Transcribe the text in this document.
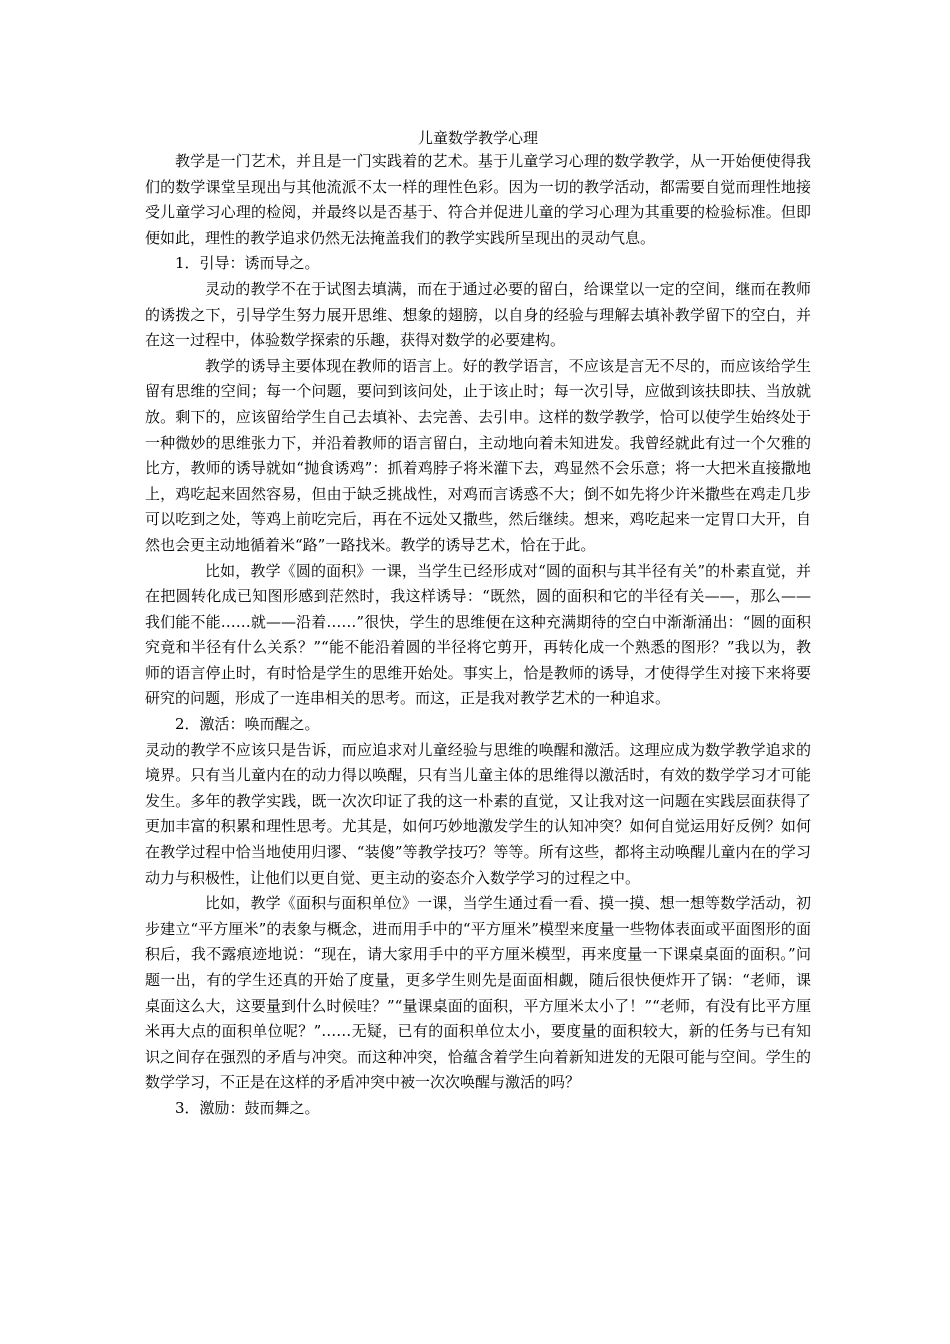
儿童数学教学心理

教学是一门艺术，并且是一门实践着的艺术。基于儿童学习心理的数学教学，从一开始便使得我们的数学课堂呈现出与其他流派不太一样的理性色彩。因为一切的教学活动，都需要自觉而理性地接受儿童学习心理的检阅，并最终以是否基于、符合并促进儿童的学习心理为其重要的检验标准。但即便如此，理性的教学追求仍然无法掩盖我们的教学实践所呈现出的灵动气息。

1．引导：诱而导之。

灵动的教学不在于试图去填满，而在于通过必要的留白，给课堂以一定的空间，继而在教师的诱拨之下，引导学生努力展开思维、想象的翅膀，以自身的经验与理解去填补教学留下的空白，并在这一过程中，体验数学探索的乐趣，获得对数学的必要建构。

教学的诱导主要体现在教师的语言上。好的教学语言，不应该是言无不尽的，而应该给学生留有思维的空间；每一个问题，要问到该问处，止于该止时；每一次引导，应做到该扶即扶、当放就放。剩下的，应该留给学生自己去填补、去完善、去引申。这样的数学教学，恰可以使学生始终处于一种微妙的思维张力下，并沿着教师的语言留白，主动地向着未知进发。我曾经就此有过一个欠雅的比方，教师的诱导就如“抛食诱鸡”：抓着鸡脖子将米灌下去，鸡显然不会乐意；将一大把米直接撒地上，鸡吃起来固然容易，但由于缺乏挑战性，对鸡而言诱惑不大；倒不如先将少许米撒些在鸡走几步可以吃到之处，等鸡上前吃完后，再在不远处又撒些，然后继续。想来，鸡吃起来一定胃口大开，自然也会更主动地循着米“路”一路找米。教学的诱导艺术，恰在于此。

比如，教学《圆的面积》一课，当学生已经形成对“圆的面积与其半径有关”的朴素直觉，并在把圆转化成已知图形感到茫然时，我这样诱导：“既然，圆的面积和它的半径有关——，那么——我们能不能……就——沿着……”很快，学生的思维便在这种充满期待的空白中渐渐涌出：“圆的面积究竟和半径有什么关系？”“能不能沿着圆的半径将它剪开，再转化成一个熟悉的图形？”我以为，教师的语言停止时，有时恰是学生的思维开始处。事实上，恰是教师的诱导，才使得学生对接下来将要研究的问题，形成了一连串相关的思考。而这，正是我对教学艺术的一种追求。

2．激活：唤而醒之。

灵动的教学不应该只是告诉，而应追求对儿童经验与思维的唤醒和激活。这理应成为数学教学追求的境界。只有当儿童内在的动力得以唤醒，只有当儿童主体的思维得以激活时，有效的数学学习才可能发生。多年的教学实践，既一次次印证了我的这一朴素的直觉，又让我对这一问题在实践层面获得了更加丰富的积累和理性思考。尤其是，如何巧妙地激发学生的认知冲突？如何自觉运用好反例？如何在教学过程中恰当地使用归谬、“装傻”等教学技巧？等等。所有这些，都将主动唤醒儿童内在的学习动力与积极性，让他们以更自觉、更主动的姿态介入数学学习的过程之中。

比如，教学《面积与面积单位》一课，当学生通过看一看、摸一摸、想一想等数学活动，初步建立“平方厘米”的表象与概念，进而用手中的“平方厘米”模型来度量一些物体表面或平面图形的面积后，我不露痕迹地说：“现在，请大家用手中的平方厘米模型，再来度量一下课桌桌面的面积。”问题一出，有的学生还真的开始了度量，更多学生则先是面面相觑，随后很快便炸开了锅：“老师，课桌面这么大，这要量到什么时候哇？”“量课桌面的面积，平方厘米太小了！”“老师，有没有比平方厘米再大点的面积单位呢？”……无疑，已有的面积单位太小，要度量的面积较大，新的任务与已有知识之间存在强烈的矛盾与冲突。而这种冲突，恰蕴含着学生向着新知进发的无限可能与空间。学生的数学学习，不正是在这样的矛盾冲突中被一次次唤醒与激活的吗？

3．激励：鼓而舞之。
